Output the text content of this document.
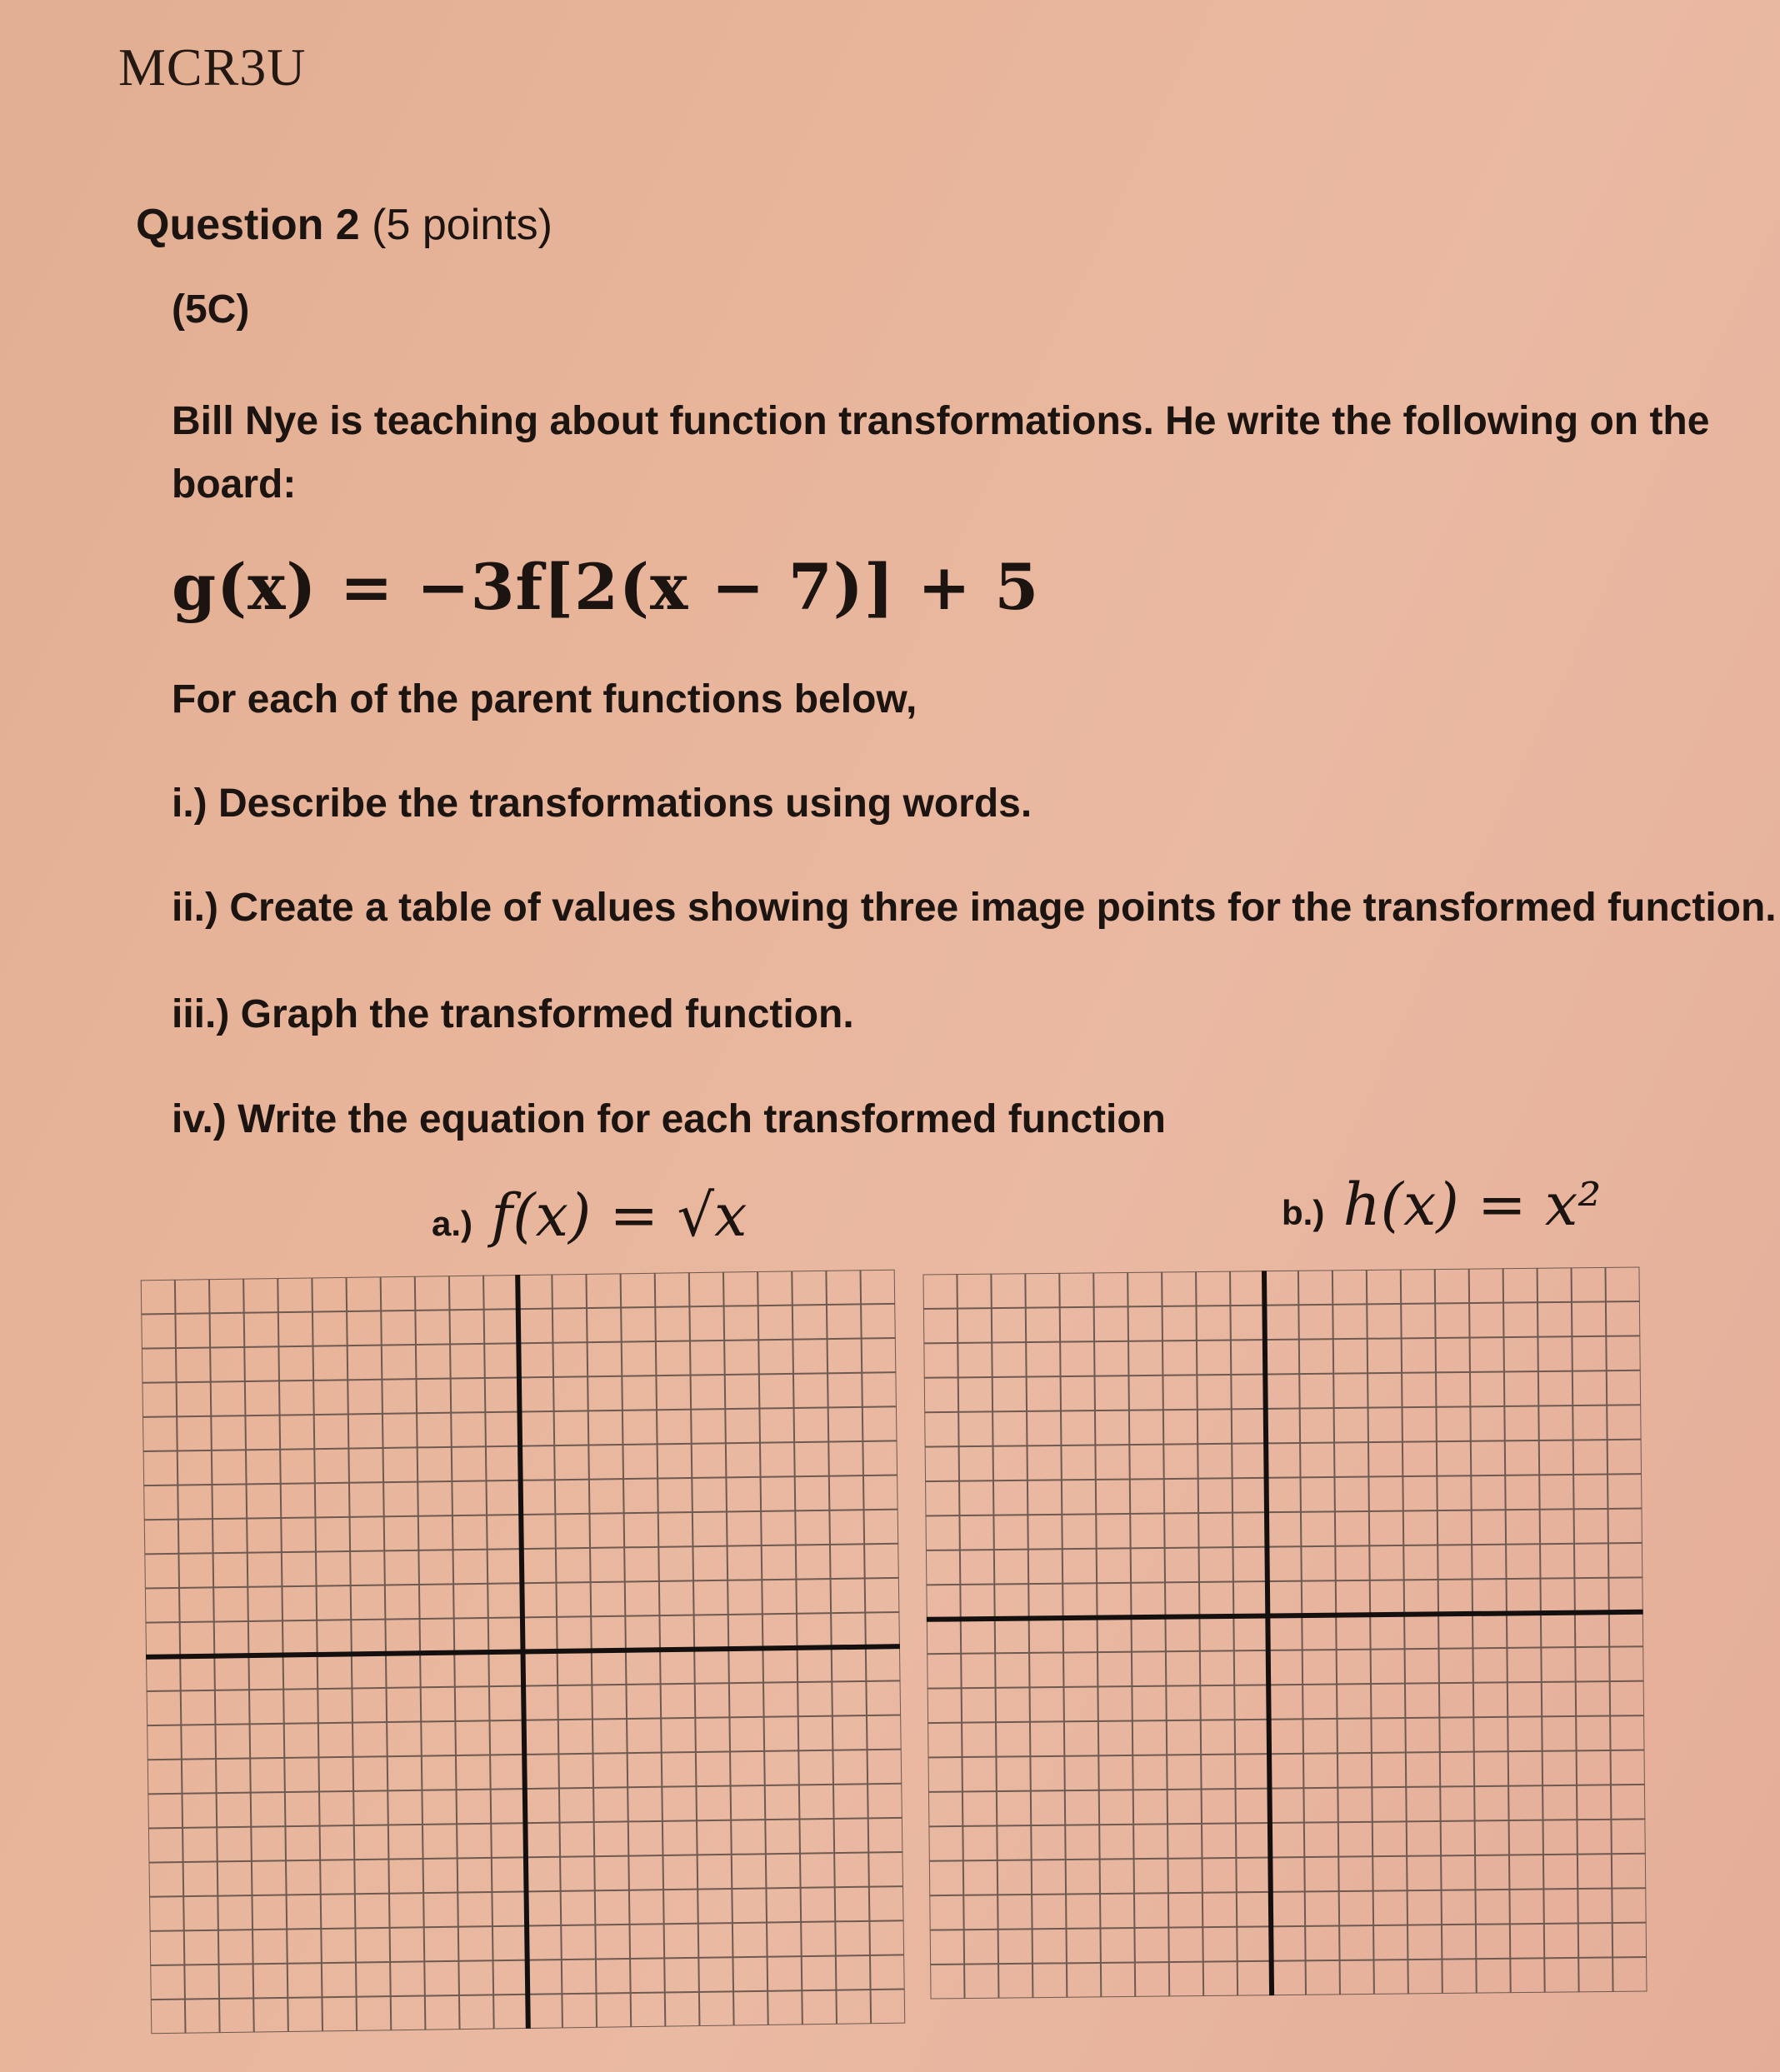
MCR3U
Question 2 (5 points)
(5C)
Bill Nye is teaching about function transformations. He write the following on the board:
g(x) = −3f[2(x − 7)] + 5
For each of the parent functions below,
i.) Describe the transformations using words.
ii.) Create a table of values showing three image points for the transformed function.
iii.) Graph the transformed function.
iv.) Write the equation for each transformed function
a.) f(x) = √x	b.) h(x) = x²
